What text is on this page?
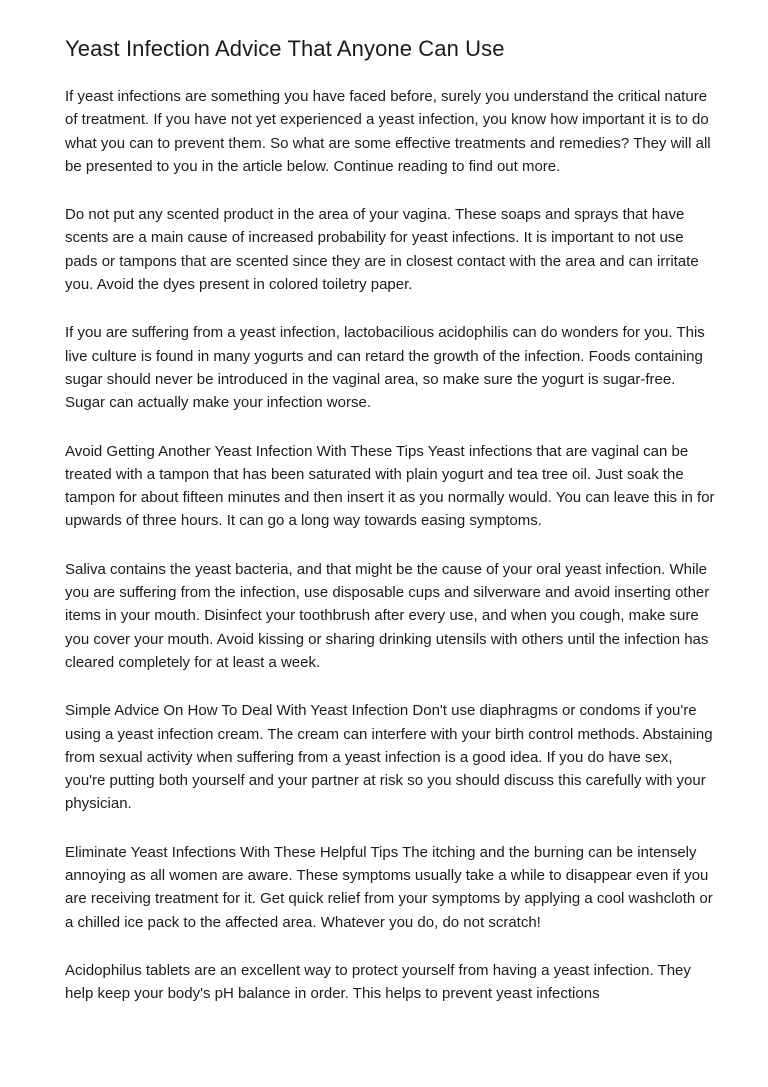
Yeast Infection Advice That Anyone Can Use

If yeast infections are something you have faced before, surely you understand the critical nature of treatment. If you have not yet experienced a yeast infection, you know how important it is to do what you can to prevent them. So what are some effective treatments and remedies? They will all be presented to you in the article below. Continue reading to find out more.

Do not put any scented product in the area of your vagina. These soaps and sprays that have scents are a main cause of increased probability for yeast infections. It is important to not use pads or tampons that are scented since they are in closest contact with the area and can irritate you. Avoid the dyes present in colored toiletry paper.

If you are suffering from a yeast infection, lactobacilious acidophilis can do wonders for you. This live culture is found in many yogurts and can retard the growth of the infection. Foods containing sugar should never be introduced in the vaginal area, so make sure the yogurt is sugar-free. Sugar can actually make your infection worse.

Avoid Getting Another Yeast Infection With These Tips Yeast infections that are vaginal can be treated with a tampon that has been saturated with plain yogurt and tea tree oil. Just soak the tampon for about fifteen minutes and then insert it as you normally would. You can leave this in for upwards of three hours. It can go a long way towards easing symptoms.

Saliva contains the yeast bacteria, and that might be the cause of your oral yeast infection. While you are suffering from the infection, use disposable cups and silverware and avoid inserting other items in your mouth. Disinfect your toothbrush after every use, and when you cough, make sure you cover your mouth. Avoid kissing or sharing drinking utensils with others until the infection has cleared completely for at least a week.

Simple Advice On How To Deal With Yeast Infection Don't use diaphragms or condoms if you're using a yeast infection cream. The cream can interfere with your birth control methods. Abstaining from sexual activity when suffering from a yeast infection is a good idea. If you do have sex, you're putting both yourself and your partner at risk so you should discuss this carefully with your physician.

Eliminate Yeast Infections With These Helpful Tips The itching and the burning can be intensely annoying as all women are aware. These symptoms usually take a while to disappear even if you are receiving treatment for it. Get quick relief from your symptoms by applying a cool washcloth or a chilled ice pack to the affected area. Whatever you do, do not scratch!

Acidophilus tablets are an excellent way to protect yourself from having a yeast infection. They help keep your body's pH balance in order. This helps to prevent yeast infections
